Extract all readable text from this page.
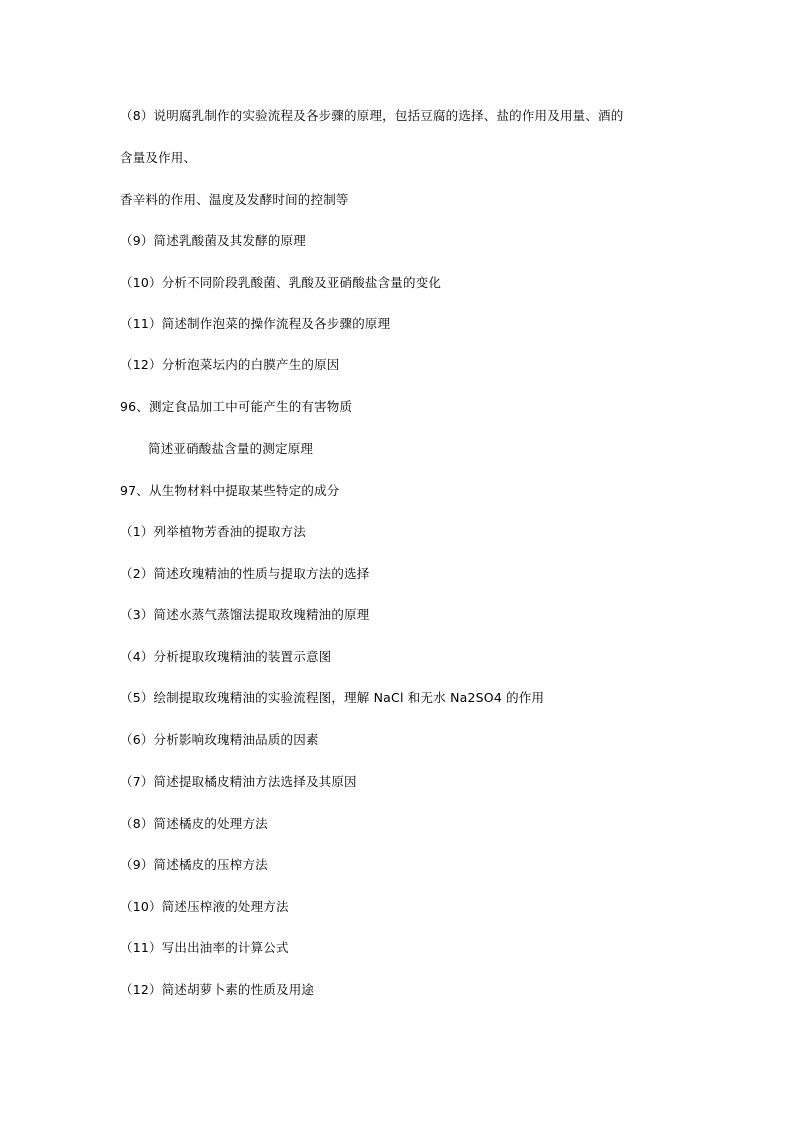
（8）说明腐乳制作的实验流程及各步骤的原理，包括豆腐的选择、盐的作用及用量、酒的
含量及作用、
香辛料的作用、温度及发酵时间的控制等
（9）简述乳酸菌及其发酵的原理
（10）分析不同阶段乳酸菌、乳酸及亚硝酸盐含量的变化
（11）简述制作泡菜的操作流程及各步骤的原理
（12）分析泡菜坛内的白膜产生的原因
96、测定食品加工中可能产生的有害物质
简述亚硝酸盐含量的测定原理
97、从生物材料中提取某些特定的成分
（1）列举植物芳香油的提取方法
（2）简述玫瑰精油的性质与提取方法的选择
（3）简述水蒸气蒸馏法提取玫瑰精油的原理
（4）分析提取玫瑰精油的装置示意图
（5）绘制提取玫瑰精油的实验流程图，理解 NaCl 和无水 Na2SO4 的作用
（6）分析影响玫瑰精油品质的因素
（7）简述提取橘皮精油方法选择及其原因
（8）简述橘皮的处理方法
（9）简述橘皮的压榨方法
（10）简述压榨液的处理方法
（11）写出出油率的计算公式
（12）简述胡萝卜素的性质及用途
